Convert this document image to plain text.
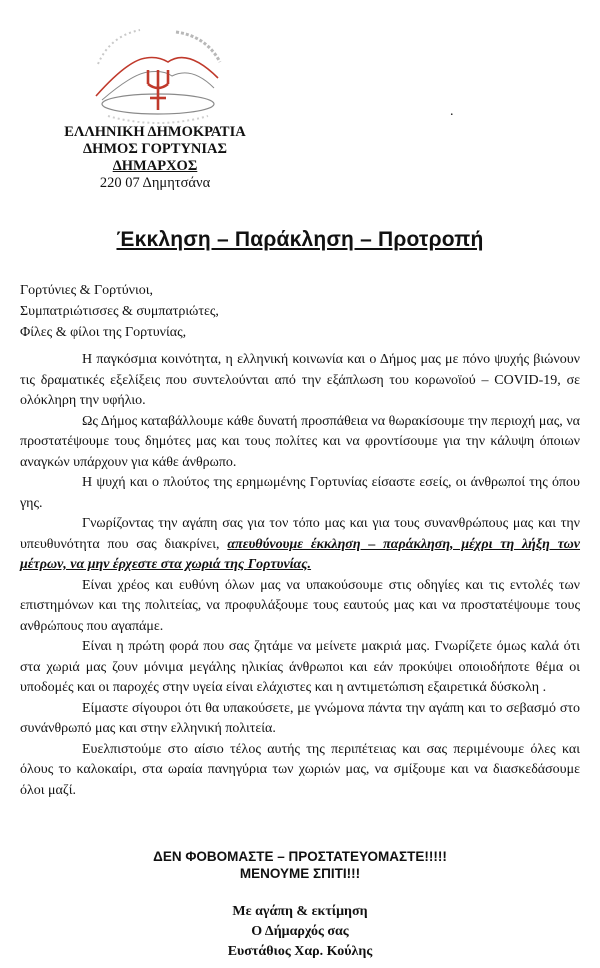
ΕΛΛΗΝΙΚΗ ΔΗΜΟΚΡΑΤΙΑ
ΔΗΜΟΣ ΓΟΡΤΥΝΙΑΣ
ΔΗΜΑΡΧΟΣ
220 07 Δημητσάνα
.
Έκκληση – Παράκληση – Προτροπή
Γορτύνιες & Γορτύνιοι,
Συμπατριώτισσες & συμπατριώτες,
Φίλες & φίλοι της Γορτυνίας,

Η παγκόσμια κοινότητα, η ελληνική κοινωνία και ο Δήμος μας με πόνο ψυχής βιώνουν τις δραματικές εξελίξεις που συντελούνται από την εξάπλωση του κορωνοϊού – COVID-19, σε ολόκληρη την υφήλιο.

Ως Δήμος καταβάλλουμε κάθε δυνατή προσπάθεια να θωρακίσουμε την περιοχή μας, να προστατέψουμε τους δημότες μας και τους πολίτες και να φροντίσουμε για την κάλυψη όποιων αναγκών υπάρχουν για κάθε άνθρωπο.

Η ψυχή και ο πλούτος της ερημωμένης Γορτυνίας είσαστε εσείς, οι άνθρωποί της όπου γης.

Γνωρίζοντας την αγάπη σας για τον τόπο μας και για τους συνανθρώπους μας και την υπευθυνότητα που σας διακρίνει, απευθύνουμε έκκληση – παράκληση, μέχρι τη λήξη των μέτρων, να μην έρχεστε στα χωριά της Γορτυνίας.

Είναι χρέος και ευθύνη όλων μας να υπακούσουμε στις οδηγίες και τις εντολές των επιστημόνων και της πολιτείας, να προφυλάξουμε τους εαυτούς μας και να προστατέψουμε τους ανθρώπους που αγαπάμε.

Είναι η πρώτη φορά που σας ζητάμε να μείνετε μακριά μας. Γνωρίζετε όμως καλά ότι στα χωριά μας ζουν μόνιμα μεγάλης ηλικίας άνθρωποι και εάν προκύψει οποιοδήποτε θέμα οι υποδομές και οι παροχές στην υγεία είναι ελάχιστες και η αντιμετώπιση εξαιρετικά δύσκολη .

Είμαστε σίγουροι ότι θα υπακούσετε, με γνώμονα πάντα την αγάπη και το σεβασμό στο συνάνθρωπό μας και στην ελληνική πολιτεία.

Ευελπιστούμε στο αίσιο τέλος αυτής της περιπέτειας και σας περιμένουμε όλες και όλους το καλοκαίρι, στα ωραία πανηγύρια των χωριών μας, να σμίξουμε και να διασκεδάσουμε όλοι μαζί.

ΔΕΝ ΦΟΒΟΜΑΣΤΕ – ΠΡΟΣΤΑΤΕΥΟΜΑΣΤΕ!!!!!
ΜΕΝΟΥΜΕ ΣΠΙΤΙ!!!
Με αγάπη & εκτίμηση
Ο Δήμαρχός σας
Ευστάθιος Χαρ. Κούλης
